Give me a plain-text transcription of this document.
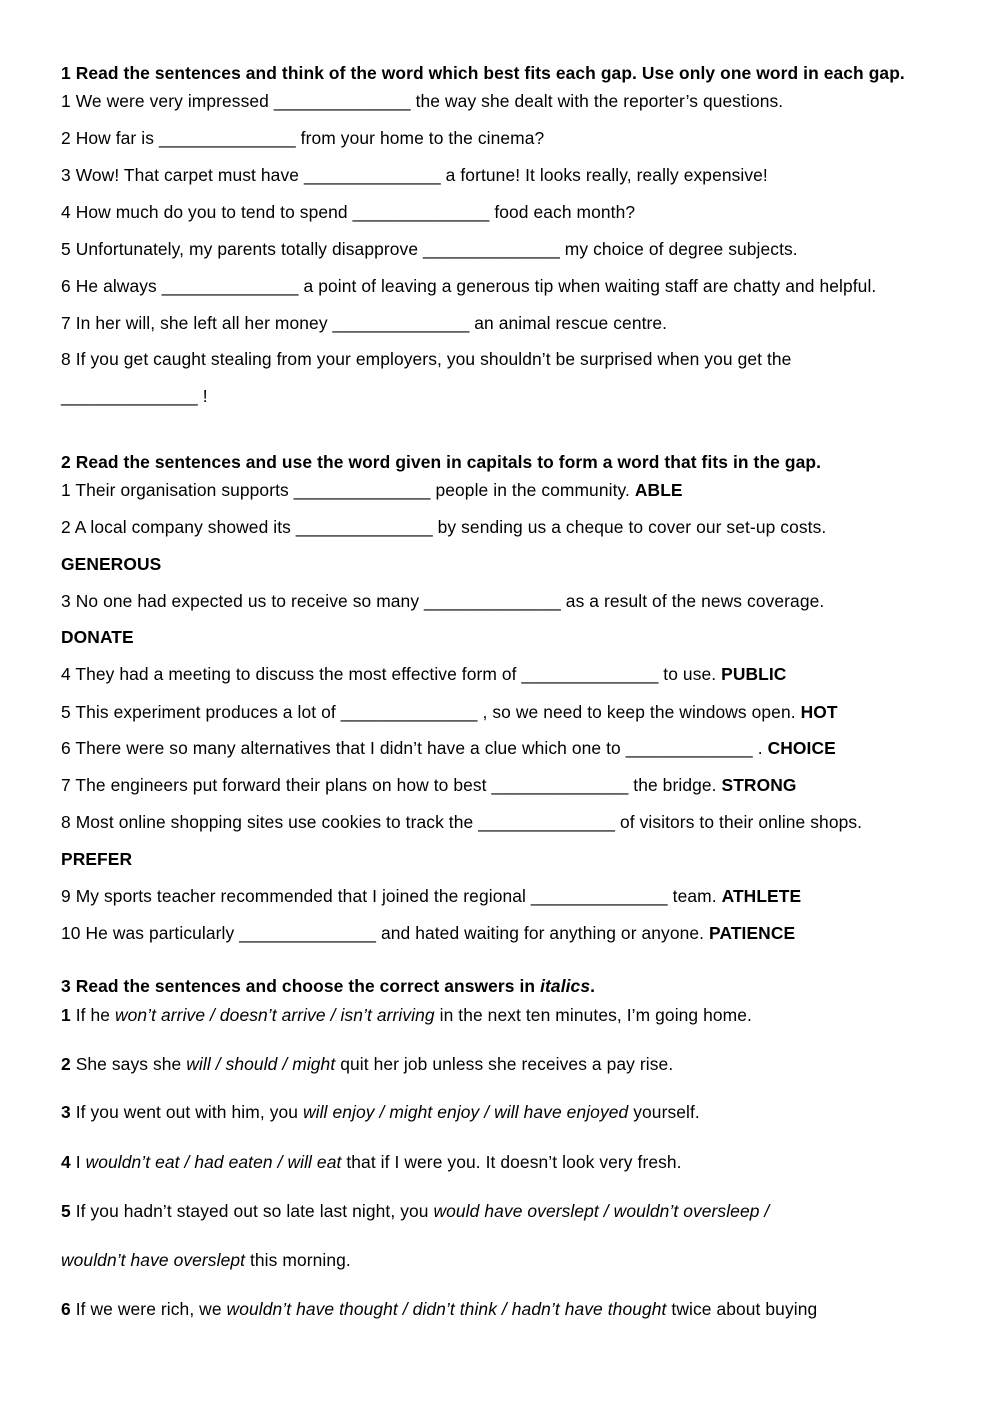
1 Read the sentences and think of the word which best fits each gap. Use only one word in each gap.
1 We were very impressed ______________ the way she dealt with the reporter’s questions.
2 How far is ______________ from your home to the cinema?
3 Wow! That carpet must have ______________ a fortune! It looks really, really expensive!
4 How much do you to tend to spend ______________ food each month?
5 Unfortunately, my parents totally disapprove ______________ my choice of degree subjects.
6 He always ______________ a point of leaving a generous tip when waiting staff are chatty and helpful.
7 In her will, she left all her money ______________ an animal rescue centre.
8 If you get caught stealing from your employers, you shouldn’t be surprised when you get the
______________ !
2 Read the sentences and use the word given in capitals to form a word that fits in the gap.
1 Their organisation supports ______________ people in the community. ABLE
2 A local company showed its ______________ by sending us a cheque to cover our set-up costs.
GENEROUS
3 No one had expected us to receive so many ______________ as a result of the news coverage.
DONATE
4 They had a meeting to discuss the most effective form of ______________ to use. PUBLIC
5 This experiment produces a lot of ______________ , so we need to keep the windows open. HOT
6 There were so many alternatives that I didn’t have a clue which one to _____________ . CHOICE
7 The engineers put forward their plans on how to best ______________ the bridge. STRONG
8 Most online shopping sites use cookies to track the ______________ of visitors to their online shops.
PREFER
9 My sports teacher recommended that I joined the regional ______________ team. ATHLETE
10 He was particularly ______________ and hated waiting for anything or anyone. PATIENCE
3 Read the sentences and choose the correct answers in italics.
1 If he won’t arrive / doesn’t arrive / isn’t arriving in the next ten minutes, I’m going home.
2 She says she will / should / might quit her job unless she receives a pay rise.
3 If you went out with him, you will enjoy / might enjoy / will have enjoyed yourself.
4 I wouldn’t eat / had eaten / will eat that if I were you. It doesn’t look very fresh.
5 If you hadn’t stayed out so late last night, you would have overslept / wouldn’t oversleep /
wouldn’t have overslept this morning.
6 If we were rich, we wouldn’t have thought / didn’t think / hadn’t have thought twice about buying
